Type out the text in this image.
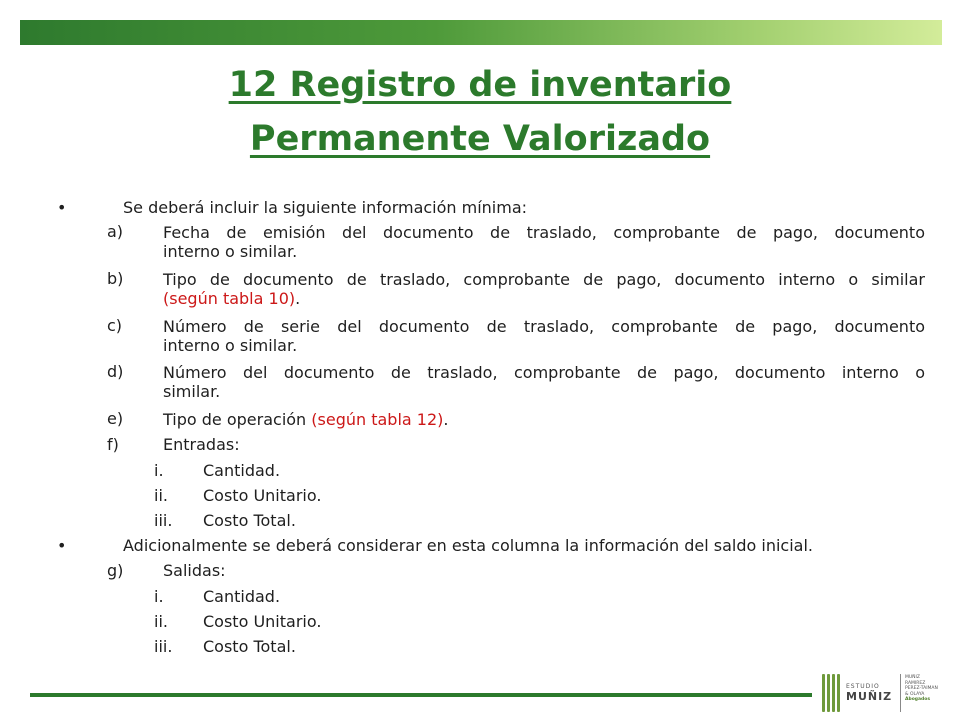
12 Registro de inventario
Permanente Valorizado
•	Se deberá incluir la siguiente información mínima:
a) Fecha de emisión del documento de traslado, comprobante de pago, documento
interno o similar.
b) Tipo de documento de traslado, comprobante de pago, documento interno o similar
(según tabla 10).
c)	Número de serie del documento de traslado, comprobante de pago, documento
interno o similar.
d) Número del documento de traslado, comprobante de pago, documento interno o
similar.
e) Tipo de operación (según tabla 12).
f)	Entradas:
i.	Cantidad.
ii.	Costo Unitario.
iii.	Costo Total.
•	Adicionalmente se deberá considerar en esta columna la información del saldo inicial.
g) Salidas:
i.	Cantidad.
ii.	Costo Unitario.
iii.	Costo Total.
ESTUDIO
MUÑIZ
MUÑIZ
RAMIREZ
PEREZ-TAIMAN
& OLAYA
Abogados
